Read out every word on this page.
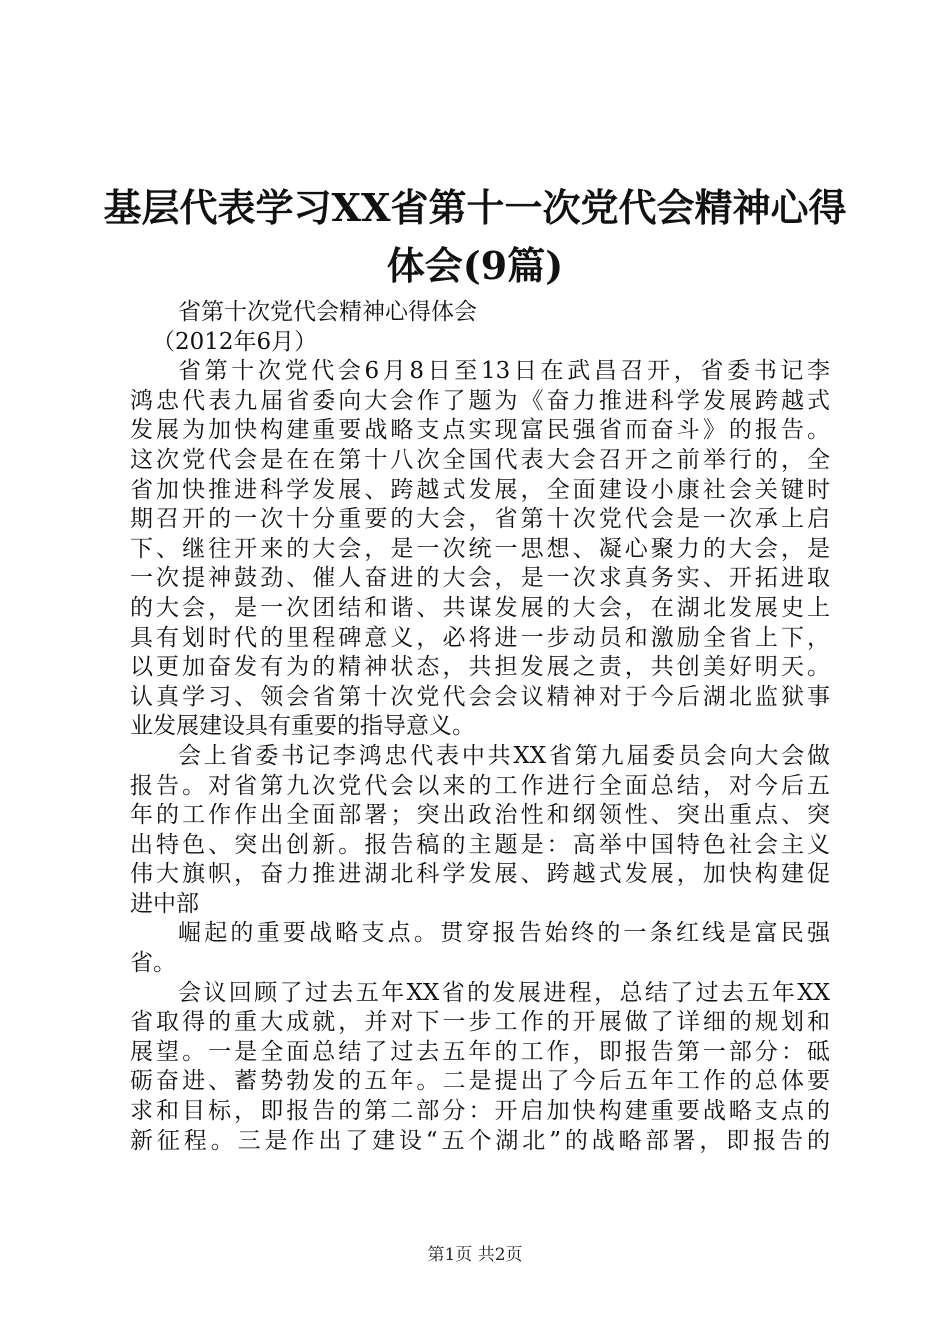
基层代表学习XX省第十一次党代会精神心得
体会(9篇)
省第十次党代会精神心得体会
（2012年6月）
省第十次党代会6月8日至13日在武昌召开，省委书记李
鸿忠代表九届省委向大会作了题为《奋力推进科学发展跨越式
发展为加快构建重要战略支点实现富民强省而奋斗》的报告。
这次党代会是在在第十八次全国代表大会召开之前举行的，全
省加快推进科学发展、跨越式发展，全面建设小康社会关键时
期召开的一次十分重要的大会，省第十次党代会是一次承上启
下、继往开来的大会，是一次统一思想、凝心聚力的大会，是
一次提神鼓劲、催人奋进的大会，是一次求真务实、开拓进取
的大会，是一次团结和谐、共谋发展的大会，在湖北发展史上
具有划时代的里程碑意义，必将进一步动员和激励全省上下，
以更加奋发有为的精神状态，共担发展之责，共创美好明天。
认真学习、领会省第十次党代会会议精神对于今后湖北监狱事
业发展建设具有重要的指导意义。
会上省委书记李鸿忠代表中共XX省第九届委员会向大会做
报告。对省第九次党代会以来的工作进行全面总结，对今后五
年的工作作出全面部署；突出政治性和纲领性、突出重点、突
出特色、突出创新。报告稿的主题是：高举中国特色社会主义
伟大旗帜，奋力推进湖北科学发展、跨越式发展，加快构建促
进中部
崛起的重要战略支点。贯穿报告始终的一条红线是富民强
省。
会议回顾了过去五年XX省的发展进程，总结了过去五年XX
省取得的重大成就，并对下一步工作的开展做了详细的规划和
展望。一是全面总结了过去五年的工作，即报告第一部分：砥
砺奋进、蓄势勃发的五年。二是提出了今后五年工作的总体要
求和目标，即报告的第二部分：开启加快构建重要战略支点的
新征程。三是作出了建设“五个湖北”的战略部署，即报告的
第1页 共2页
